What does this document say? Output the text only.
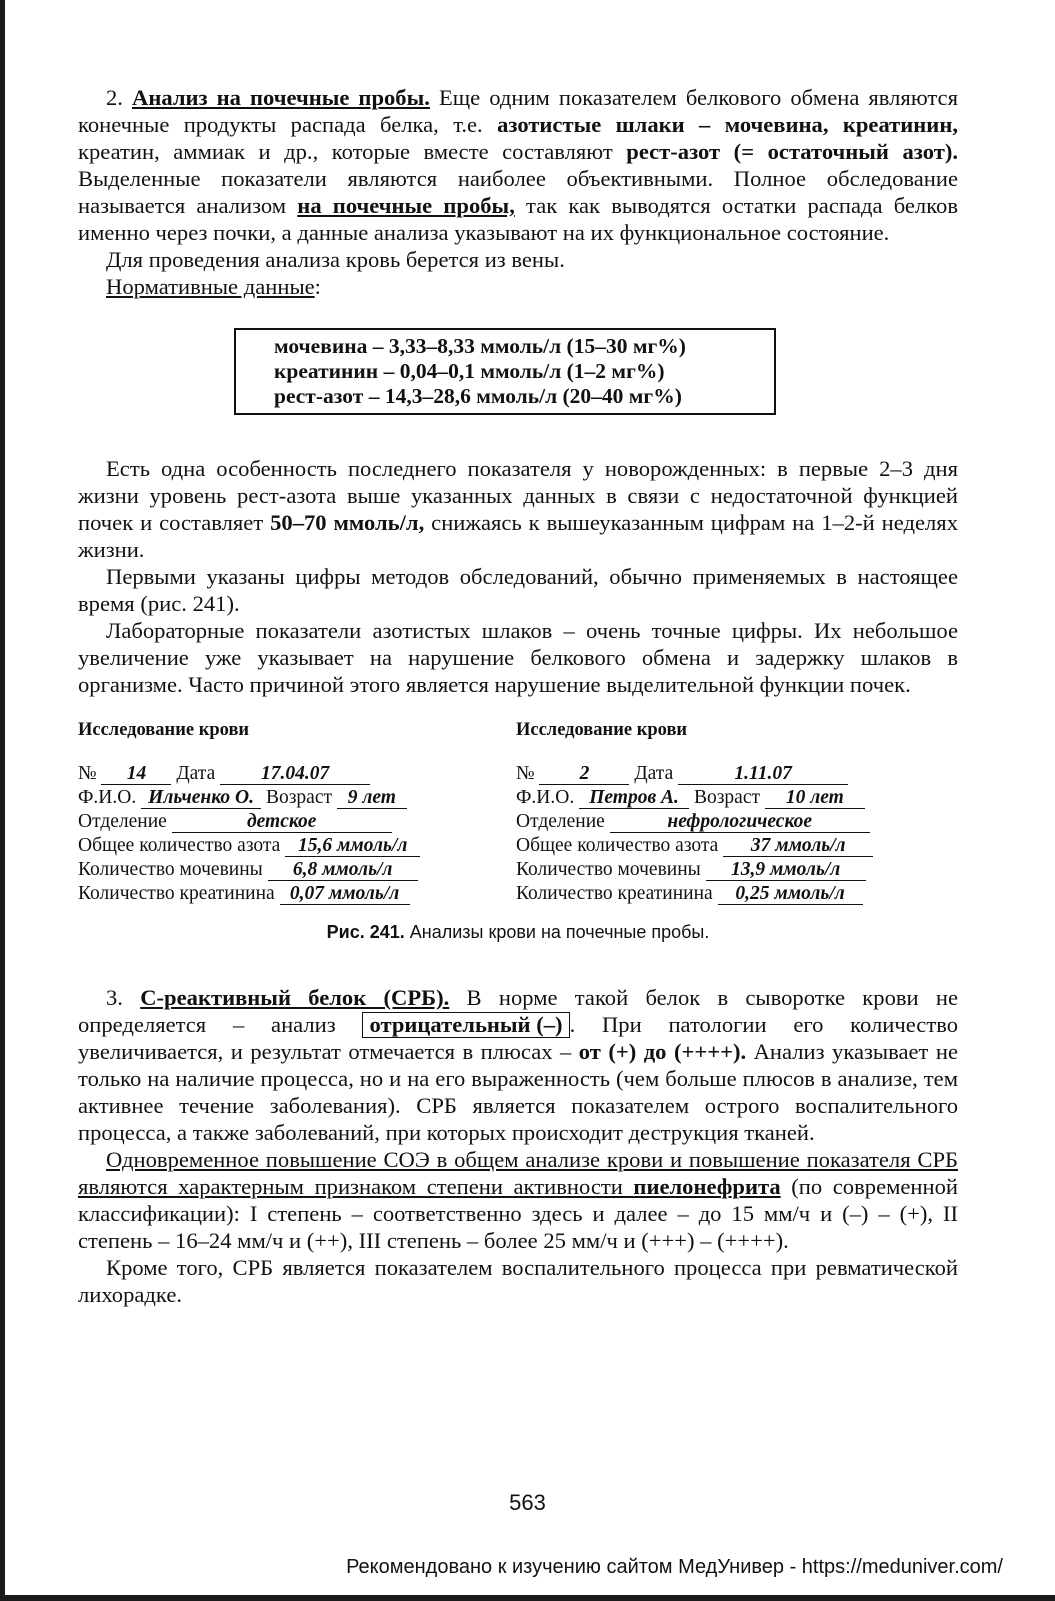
2. Анализ на почечные пробы. Еще одним показателем белкового обмена являются конечные продукты распада белка, т.е. азотистые шлаки – мочевина, креатинин, креатин, аммиак и др., которые вместе составляют рест-азот (= остаточный азот). Выделенные показатели являются наиболее объективными. Полное обследование называется анализом на почечные пробы, так как выводятся остатки распада белков именно через почки, а данные анализа указывают на их функциональное состояние.

Для проведения анализа кровь берется из вены.

Нормативные данные:

мочевина – 3,33–8,33 ммоль/л (15–30 мг%)
креатинин – 0,04–0,1 ммоль/л (1–2 мг%)
рест-азот – 14,3–28,6 ммоль/л (20–40 мг%)

Есть одна особенность последнего показателя у новорожденных: в первые 2–3 дня жизни уровень рест-азота выше указанных данных в связи с недостаточной функцией почек и составляет 50–70 ммоль/л, снижаясь к вышеуказанным цифрам на 1–2-й неделях жизни.

Первыми указаны цифры методов обследований, обычно применяемых в настоящее время (рис. 241).

Лабораторные показатели азотистых шлаков – очень точные цифры. Их небольшое увеличение уже указывает на нарушение белкового обмена и задержку шлаков в организме. Часто причиной этого является нарушение выделительной функции почек.

Исследование крови
№ 14 Дата 17.04.07
Ф.И.О. Ильченко О. Возраст 9 лет
Отделение	детское
Общее количество азота 15,6 ммоль/л
Количество мочевины 6,8 ммоль/л
Количество креатинина 0,07 ммоль/л
Исследование крови
№ 2 Дата	1.11.07
Ф.И.О. Петров А. Возраст 10 лет
Отделение	нефрологическое
Общее количество азота 37 ммоль/л
Количество мочевины 13,9 ммоль/л
Количество креатинина 0,25 ммоль/л
Рис. 241. Анализы крови на почечные пробы.

3. С-реактивный белок (СРБ). В норме такой белок в сыворотке крови не определяется – анализ отрицательный (–) . При патологии его количество увеличивается, и результат отмечается в плюсах – от (+) до (++++). Анализ указывает не только на наличие процесса, но и на его выраженность (чем больше плюсов в анализе, тем активнее течение заболевания). СРБ является показателем острого воспалительного процесса, а также заболеваний, при которых происходит деструкция тканей.

Одновременное повышение СОЭ в общем анализе крови и повышение показателя СРБ являются характерным признаком степени активности пиелонефрита (по современной классификации): I степень – соответственно здесь и далее – до 15 мм/ч и (–) – (+), II степень – 16–24 мм/ч и (++), III степень – более 25 мм/ч и (+++) – (++++).

Кроме того, СРБ является показателем воспалительного процесса при ревматической лихорадке.

563
Рекомендовано к изучению сайтом МедУнивер - https://meduniver.com/
